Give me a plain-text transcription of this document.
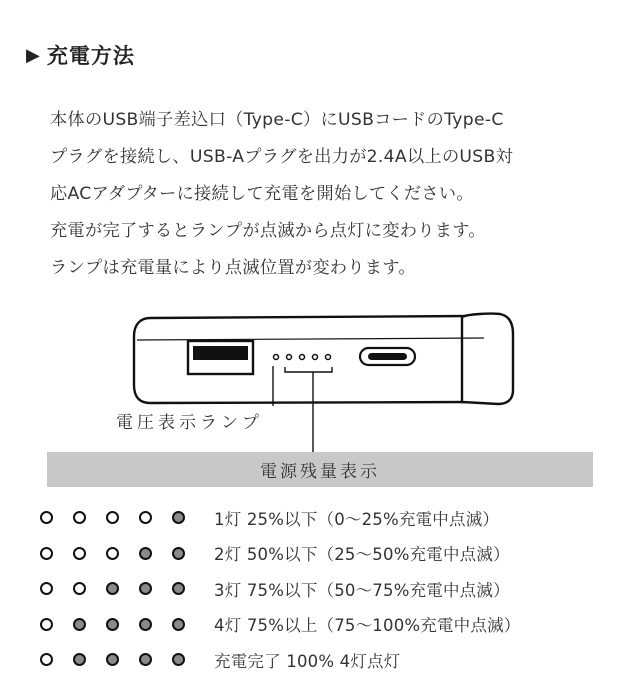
▶ 充電方法
本体のUSB端子差込口（Type-C）にUSBコードのType-C
プラグを接続し、USB-Aプラグを出力が2.4A以上のUSB対
応ACアダプターに接続して充電を開始してください。
充電が完了するとランプが点滅から点灯に変わります。
ランプは充電量により点滅位置が変わります。
電圧表示ランプ
電源残量表示
1灯 25%以下（0〜25%充電中点滅）
2灯 50%以下（25〜50%充電中点滅）
3灯 75%以下（50〜75%充電中点滅）
4灯 75%以上（75〜100%充電中点滅）
充電完了 100% 4灯点灯
